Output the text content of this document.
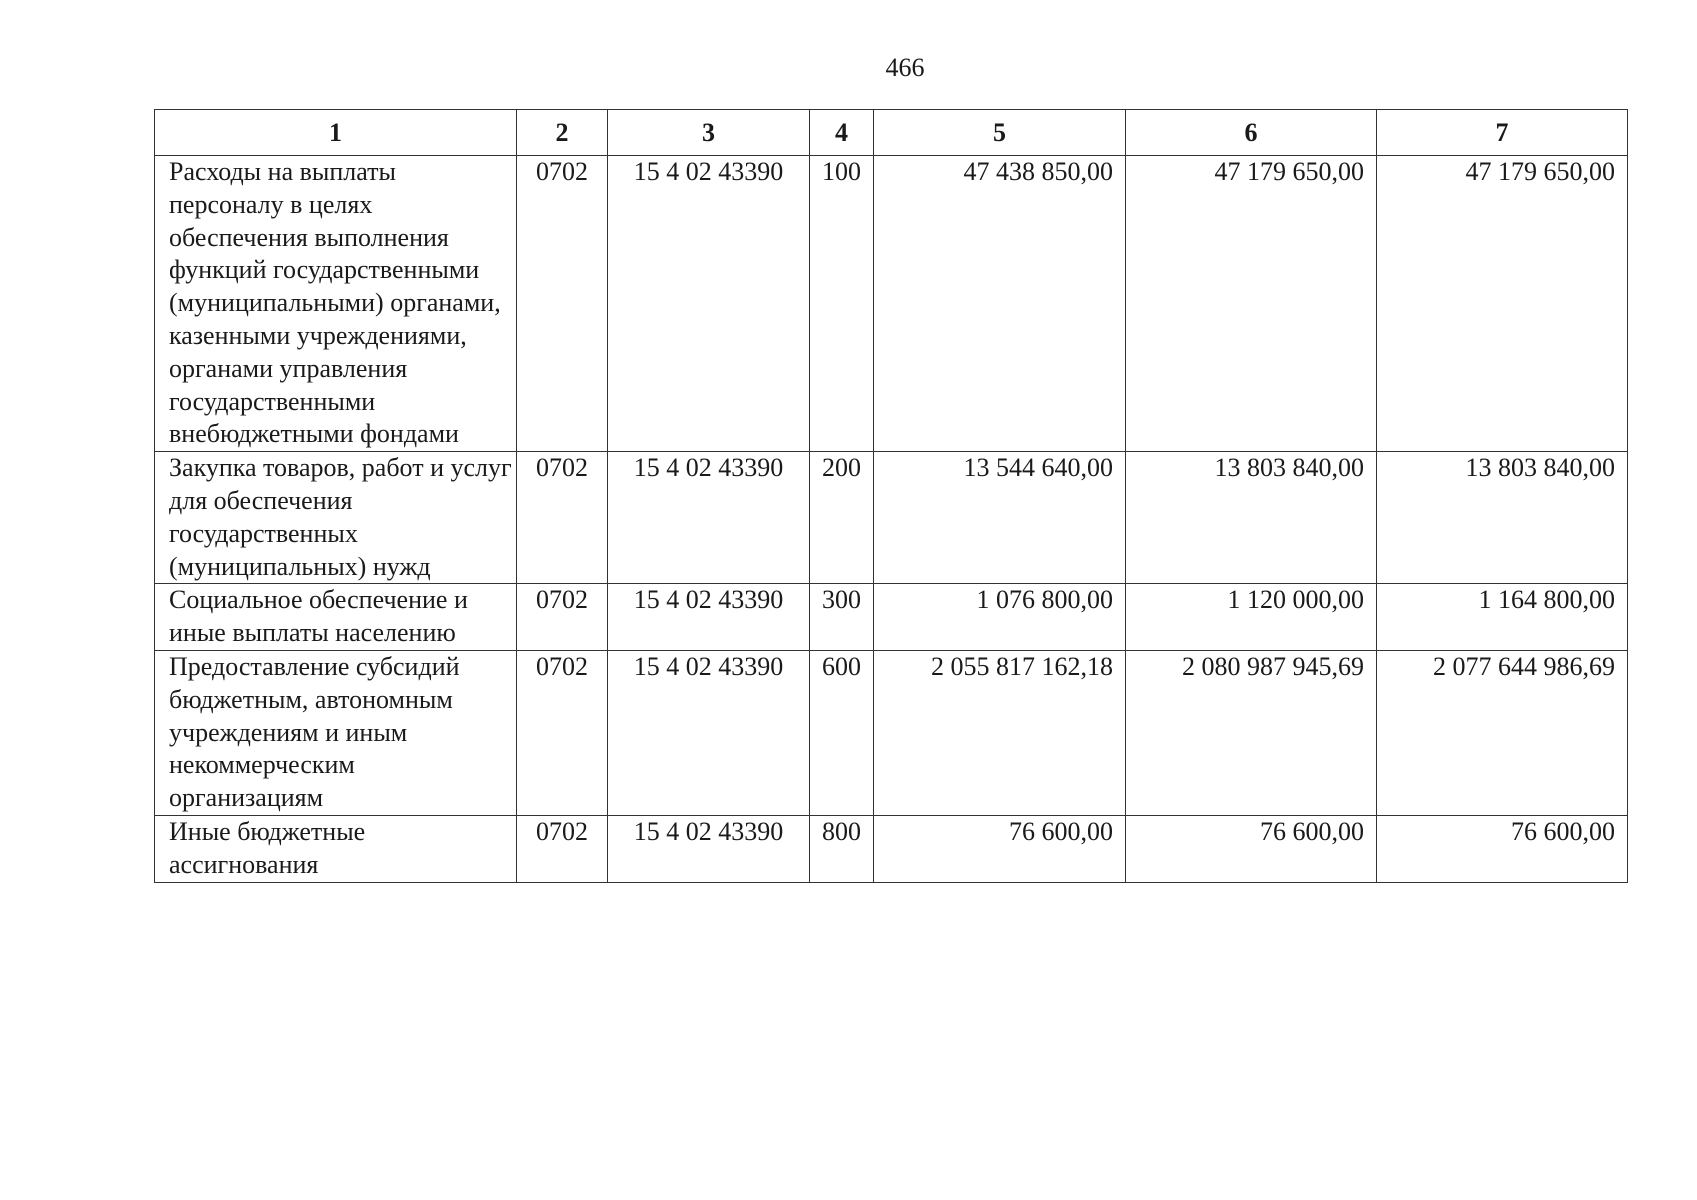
466
1	2	3	4	5	6	7
Расходы на выплаты персоналу в целях обеспечения выполнения функций государственными (муниципальными) органами, казенными учреждениями, органами управления государственными внебюджетными фондами	0702	15 4 02 43390	100	47 438 850,00	47 179 650,00	47 179 650,00
Закупка товаров, работ и услуг для обеспечения государственных (муниципальных) нужд	0702	15 4 02 43390	200	13 544 640,00	13 803 840,00	13 803 840,00
Социальное обеспечение и иные выплаты населению	0702	15 4 02 43390	300	1 076 800,00	1 120 000,00	1 164 800,00
Предоставление субсидий бюджетным, автономным учреждениям и иным некоммерческим организациям	0702	15 4 02 43390	600	2 055 817 162,18	2 080 987 945,69	2 077 644 986,69
Иные бюджетные ассигнования	0702	15 4 02 43390	800	76 600,00	76 600,00	76 600,00
